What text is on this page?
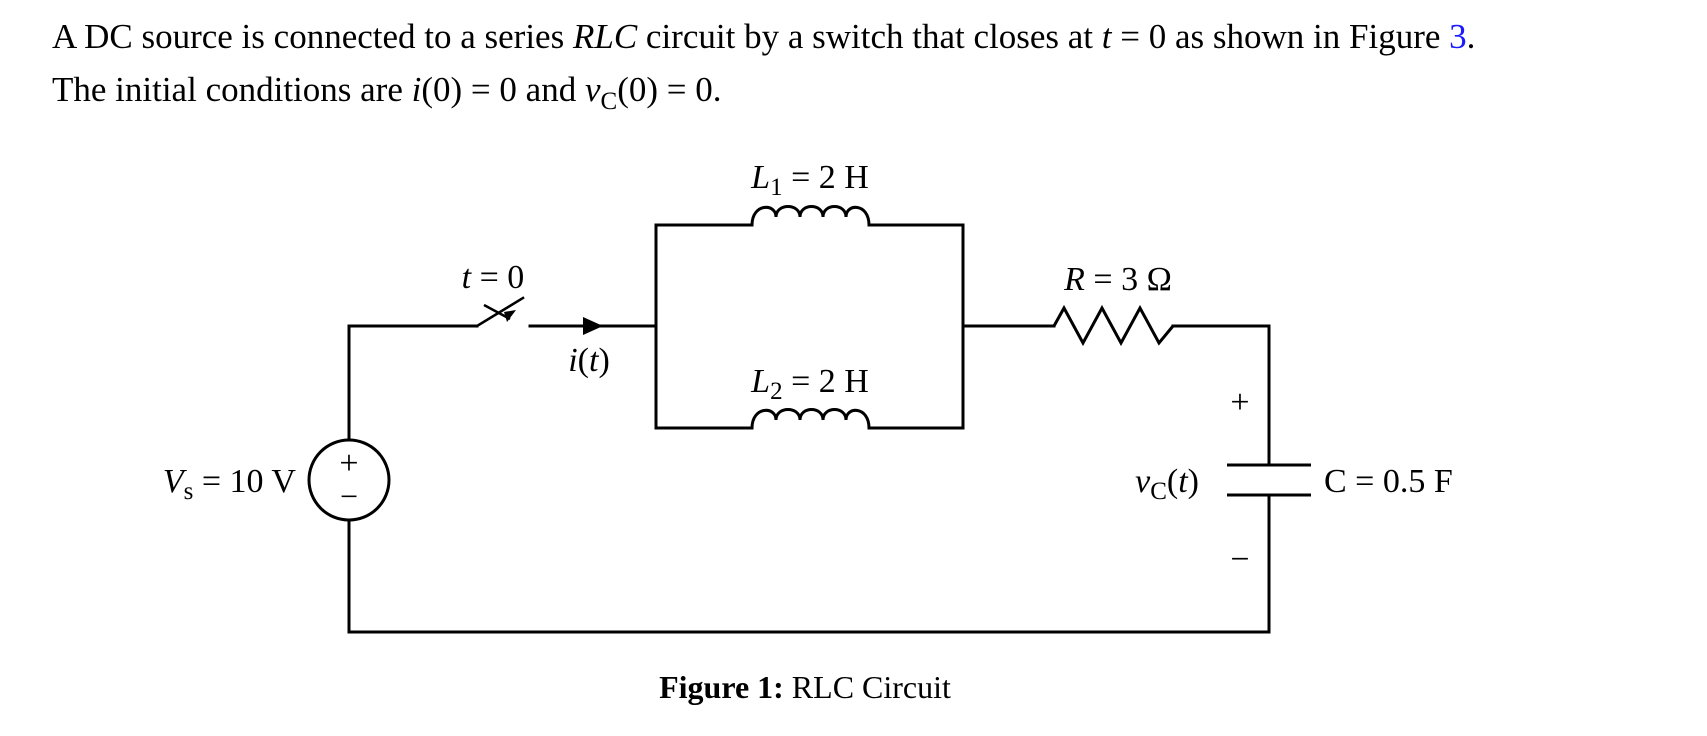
A DC source is connected to a series RLC circuit by a switch that closes at t = 0 as shown in Figure 3.
The initial conditions are i(0) = 0 and $v_C(0) = 0$.
+
−
t = 0
i(t)
$L_1 = 2$ H
$L_2 = 2$ H
R = 3 Ω
$V_s = 10$ V
+
−
$v_C(t)$	C = 0.5 F
Figure 1: RLC Circuit
